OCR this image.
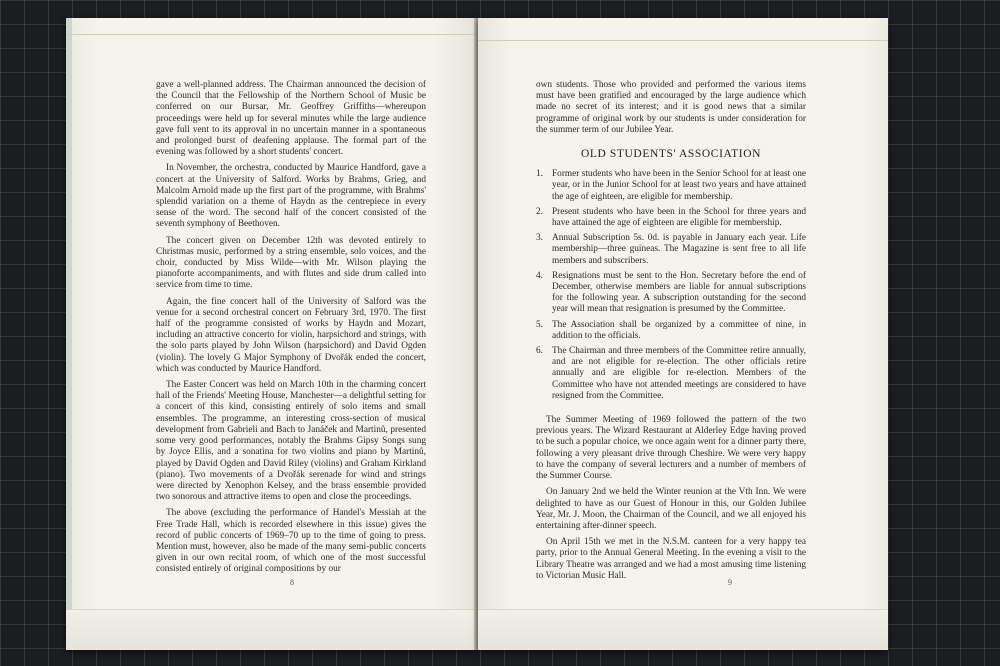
gave a well-planned address. The Chairman announced the decision of the Council that the Fellowship of the Northern School of Music be conferred on our Bursar, Mr. Geoffrey Griffiths—whereupon proceedings were held up for several minutes while the large audience gave full vent to its approval in no uncertain manner in a spontaneous and prolonged burst of deafening applause. The formal part of the evening was followed by a short students' concert.

In November, the orchestra, conducted by Maurice Handford, gave a concert at the University of Salford. Works by Brahms, Grieg, and Malcolm Arnold made up the first part of the programme, with Brahms' splendid variation on a theme of Haydn as the centrepiece in every sense of the word. The second half of the concert consisted of the seventh symphony of Beethoven.

The concert given on December 12th was devoted entirely to Christmas music, performed by a string ensemble, solo voices, and the choir, conducted by Miss Wilde—with Mr. Wilson playing the pianoforte accompaniments, and with flutes and side drum called into service from time to time.

Again, the fine concert hall of the University of Salford was the venue for a second orchestral concert on February 3rd, 1970. The first half of the programme consisted of works by Haydn and Mozart, including an attractive concerto for violin, harpsichord and strings, with the solo parts played by John Wilson (harpsichord) and David Ogden (violin). The lovely G Major Symphony of Dvořák ended the concert, which was conducted by Maurice Handford.

The Easter Concert was held on March 10th in the charming concert hall of the Friends' Meeting House, Manchester—a delightful setting for a concert of this kind, consisting entirely of solo items and small ensembles. The programme, an interesting cross-section of musical development from Gabrieli and Bach to Janáček and Martinů, presented some very good performances, notably the Brahms Gipsy Songs sung by Joyce Ellis, and a sonatina for two violins and piano by Martinů, played by David Ogden and David Riley (violins) and Graham Kirkland (piano). Two movements of a Dvořák serenade for wind and strings were directed by Xenophon Kelsey, and the brass ensemble provided two sonorous and attractive items to open and close the proceedings.

The above (excluding the performance of Handel's Messiah at the Free Trade Hall, which is recorded elsewhere in this issue) gives the record of public concerts of 1969–70 up to the time of going to press. Mention must, however, also be made of the many semi-public concerts given in our own recital room, of which one of the most successful consisted entirely of original compositions by our

8

own students. Those who provided and performed the various items must have been gratified and encouraged by the large audience which made no secret of its interest; and it is good news that a similar programme of original work by our students is under consideration for the summer term of our Jubilee Year.

OLD STUDENTS' ASSOCIATION
1. Former students who have been in the Senior School for at least one year, or in the Junior School for at least two years and have attained the age of eighteen, are eligible for membership.
2. Present students who have been in the School for three years and have attained the age of eighteen are eligible for membership.
3. Annual Subscription 5s. 0d. is payable in January each year. Life membership—three guineas. The Magazine is sent free to all life members and subscribers.
4. Resignations must be sent to the Hon. Secretary before the end of December, otherwise members are liable for annual subscriptions for the following year. A subscription outstanding for the second year will mean that resignation is presumed by the Committee.
5. The Association shall be organized by a committee of nine, in addition to the officials.
6. The Chairman and three members of the Committee retire annually, and are not eligible for re-election. The other officials retire annually and are eligible for re-election. Members of the Committee who have not attended meetings are considered to have resigned from the Committee.

The Summer Meeting of 1969 followed the pattern of the two previous years. The Wizard Restaurant at Alderley Edge having proved to be such a popular choice, we once again went for a dinner party there, following a very pleasant drive through Cheshire. We were very happy to have the company of several lecturers and a number of members of the Summer Course.

On January 2nd we held the Winter reunion at the Vth Inn. We were delighted to have as our Guest of Honour in this, our Golden Jubilee Year, Mr. J. Moon, the Chairman of the Council, and we all enjoyed his entertaining after-dinner speech.

On April 15th we met in the N.S.M. canteen for a very happy tea party, prior to the Annual General Meeting. In the evening a visit to the Library Theatre was arranged and we had a most amusing time listening to Victorian Music Hall.

9
